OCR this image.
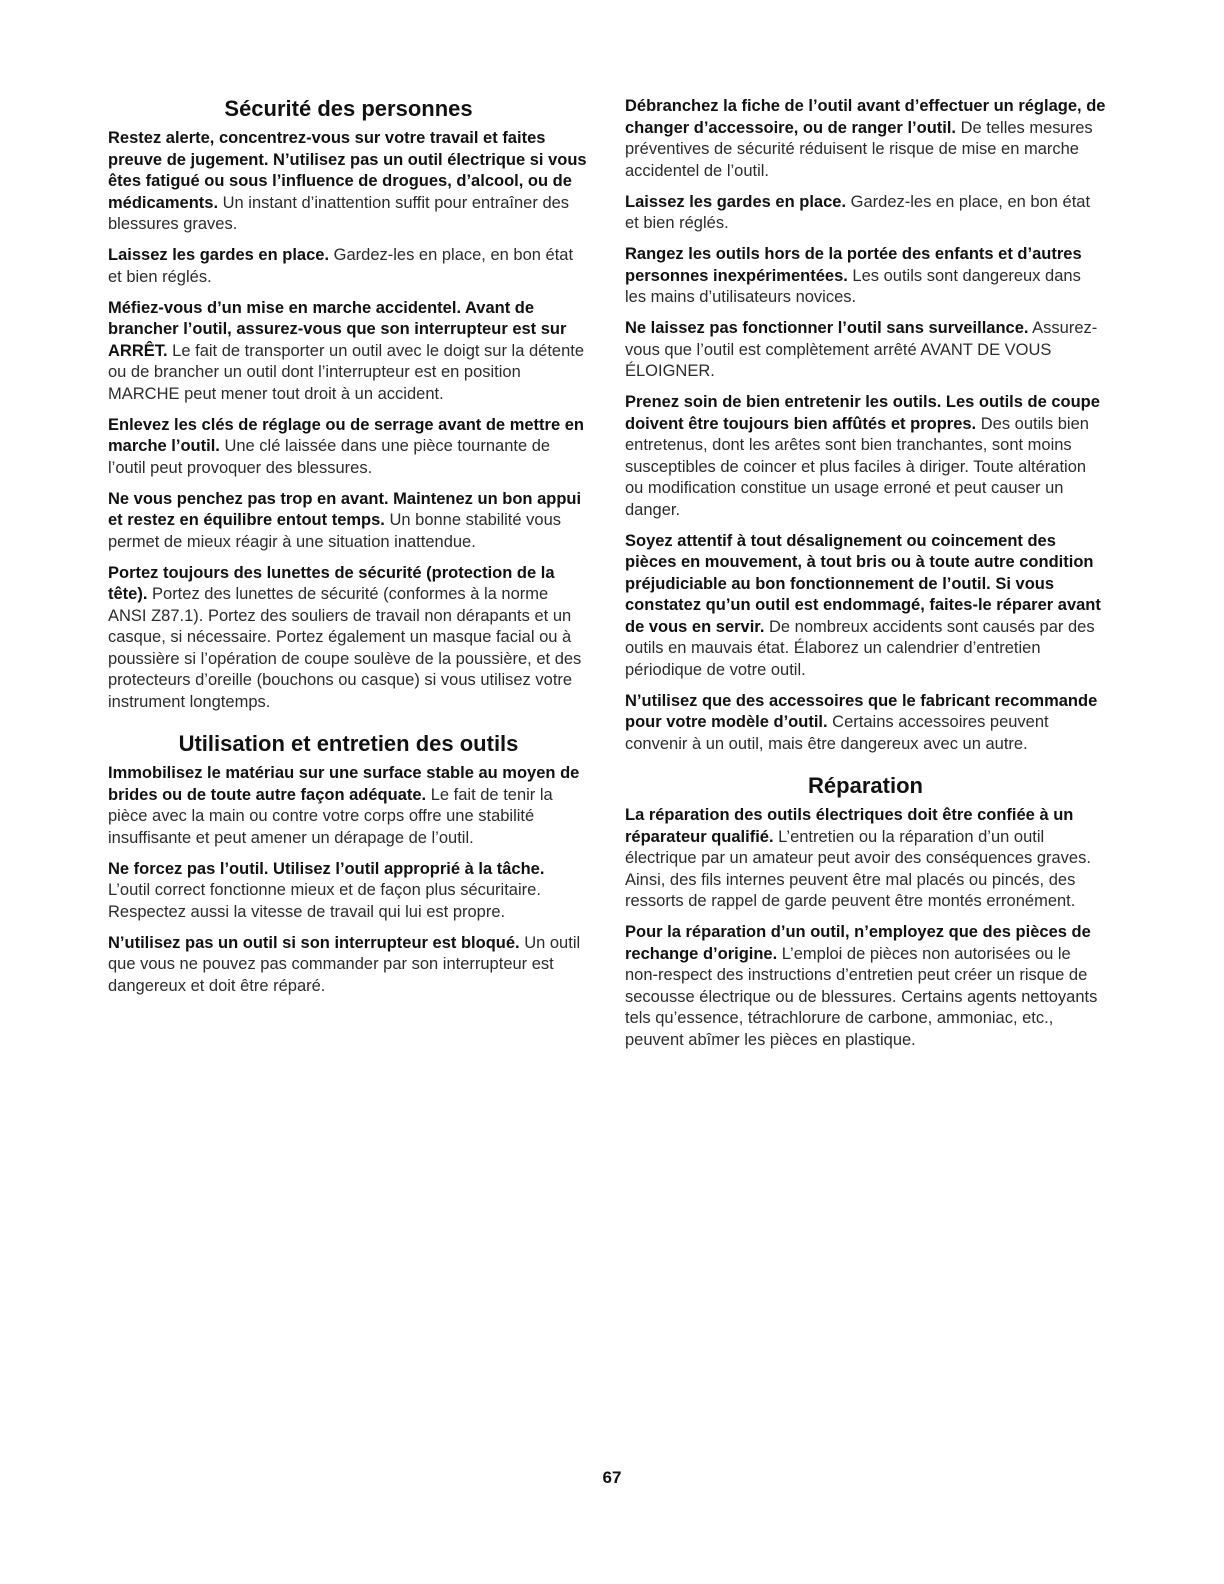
Sécurité des personnes

Restez alerte, concentrez-vous sur votre travail et faites preuve de jugement. N’utilisez pas un outil électrique si vous êtes fatigué ou sous l’influence de drogues, d’alcool, ou de médicaments. Un instant d’inattention suffit pour entraîner des blessures graves.

Laissez les gardes en place. Gardez-les en place, en bon état et bien réglés.

Méfiez-vous d’un mise en marche accidentel. Avant de brancher l’outil, assurez-vous que son interrupteur est sur ARRÊT. Le fait de transporter un outil avec le doigt sur la détente ou de brancher un outil dont l’interrupteur est en position MARCHE peut mener tout droit à un accident.

Enlevez les clés de réglage ou de serrage avant de mettre en marche l’outil. Une clé laissée dans une pièce tournante de l’outil peut provoquer des blessures.

Ne vous penchez pas trop en avant. Maintenez un bon appui et restez en équilibre entout temps. Un bonne stabilité vous permet de mieux réagir à une situation inattendue.

Portez toujours des lunettes de sécurité (protection de la tête). Portez des lunettes de sécurité (conformes à la norme ANSI Z87.1). Portez des souliers de travail non dérapants et un casque, si nécessaire. Portez également un masque facial ou à poussière si l’opération de coupe soulève de la poussière, et des protecteurs d’oreille (bouchons ou casque) si vous utilisez votre instrument longtemps.

Utilisation et entretien des outils

Immobilisez le matériau sur une surface stable au moyen de brides ou de toute autre façon adéquate. Le fait de tenir la pièce avec la main ou contre votre corps offre une stabilité insuffisante et peut amener un dérapage de l’outil.

Ne forcez pas l’outil. Utilisez l’outil approprié à la tâche. L’outil correct fonctionne mieux et de façon plus sécuritaire. Respectez aussi la vitesse de travail qui lui est propre.

N’utilisez pas un outil si son interrupteur est bloqué. Un outil que vous ne pouvez pas commander par son interrupteur est dangereux et doit être réparé.

Débranchez la fiche de l’outil avant d’effectuer un réglage, de changer d’accessoire, ou de ranger l’outil. De telles mesures préventives de sécurité réduisent le risque de mise en marche accidentel de l’outil.

Laissez les gardes en place. Gardez-les en place, en bon état et bien réglés.

Rangez les outils hors de la portée des enfants et d’autres personnes inexpérimentées. Les outils sont dangereux dans les mains d’utilisateurs novices.

Ne laissez pas fonctionner l’outil sans surveillance. Assurez-vous que l’outil est complètement arrêté AVANT DE VOUS ÉLOIGNER.

Prenez soin de bien entretenir les outils. Les outils de coupe doivent être toujours bien affûtés et propres. Des outils bien entretenus, dont les arêtes sont bien tranchantes, sont moins susceptibles de coincer et plus faciles à diriger. Toute altération ou modification constitue un usage erroné et peut causer un danger.

Soyez attentif à tout désalignement ou coincement des pièces en mouvement, à tout bris ou à toute autre condition préjudiciable au bon fonctionnement de l’outil. Si vous constatez qu’un outil est endommagé, faites-le réparer avant de vous en servir. De nombreux accidents sont causés par des outils en mauvais état. Élaborez un calendrier d’entretien périodique de votre outil.

N’utilisez que des accessoires que le fabricant recommande pour votre modèle d’outil. Certains accessoires peuvent convenir à un outil, mais être dangereux avec un autre.

Réparation

La réparation des outils électriques doit être confiée à un réparateur qualifié. L’entretien ou la réparation d’un outil électrique par un amateur peut avoir des conséquences graves. Ainsi, des fils internes peuvent être mal placés ou pincés, des ressorts de rappel de garde peuvent être montés erronément.

Pour la réparation d’un outil, n’employez que des pièces de rechange d’origine. L’emploi de pièces non autorisées ou le non-respect des instructions d’entretien peut créer un risque de secousse électrique ou de blessures. Certains agents nettoyants tels qu’essence, tétrachlorure de carbone, ammoniac, etc., peuvent abîmer les pièces en plastique.

67
